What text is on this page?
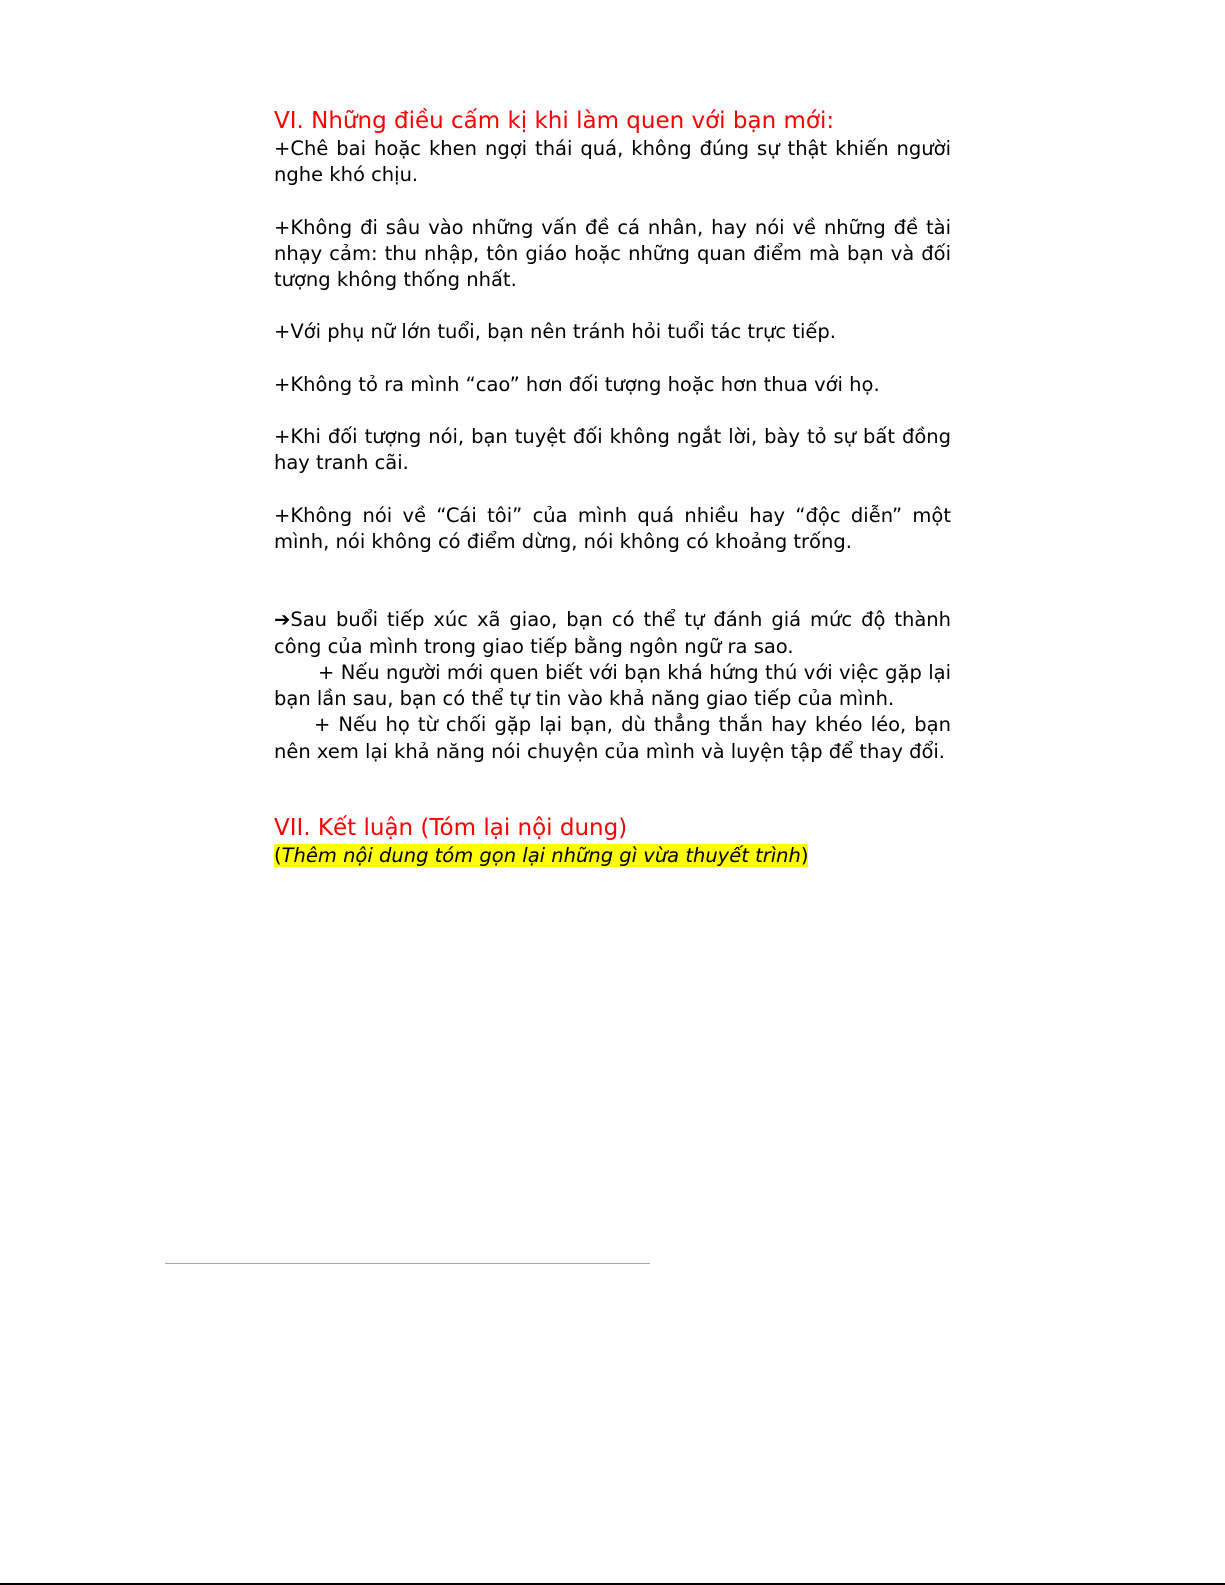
VI. Những điều cấm kị khi làm quen với bạn mới:

+Chê bai hoặc khen ngợi thái quá, không đúng sự thật khiến người nghe khó chịu.

+Không đi sâu vào những vấn đề cá nhân, hay nói về những đề tài nhạy cảm: thu nhập, tôn giáo hoặc những quan điểm mà bạn và đối tượng không thống nhất.

+Với phụ nữ lớn tuổi, bạn nên tránh hỏi tuổi tác trực tiếp.

+Không tỏ ra mình “cao” hơn đối tượng hoặc hơn thua với họ.

+Khi đối tượng nói, bạn tuyệt đối không ngắt lời, bày tỏ sự bất đồng hay tranh cãi.

+Không nói về “Cái tôi” của mình quá nhiều hay “độc diễn” một mình, nói không có điểm dừng, nói không có khoảng trống.

➔Sau buổi tiếp xúc xã giao, bạn có thể tự đánh giá mức độ thành công của mình trong giao tiếp bằng ngôn ngữ ra sao.

+ Nếu người mới quen biết với bạn khá hứng thú với việc gặp lại bạn lần sau, bạn có thể tự tin vào khả năng giao tiếp của mình.

+ Nếu họ từ chối gặp lại bạn, dù thẳng thắn hay khéo léo, bạn nên xem lại khả năng nói chuyện của mình và luyện tập để thay đổi.

VII. Kết luận (Tóm lại nội dung)

(Thêm nội dung tóm gọn lại những gì vừa thuyết trình)
